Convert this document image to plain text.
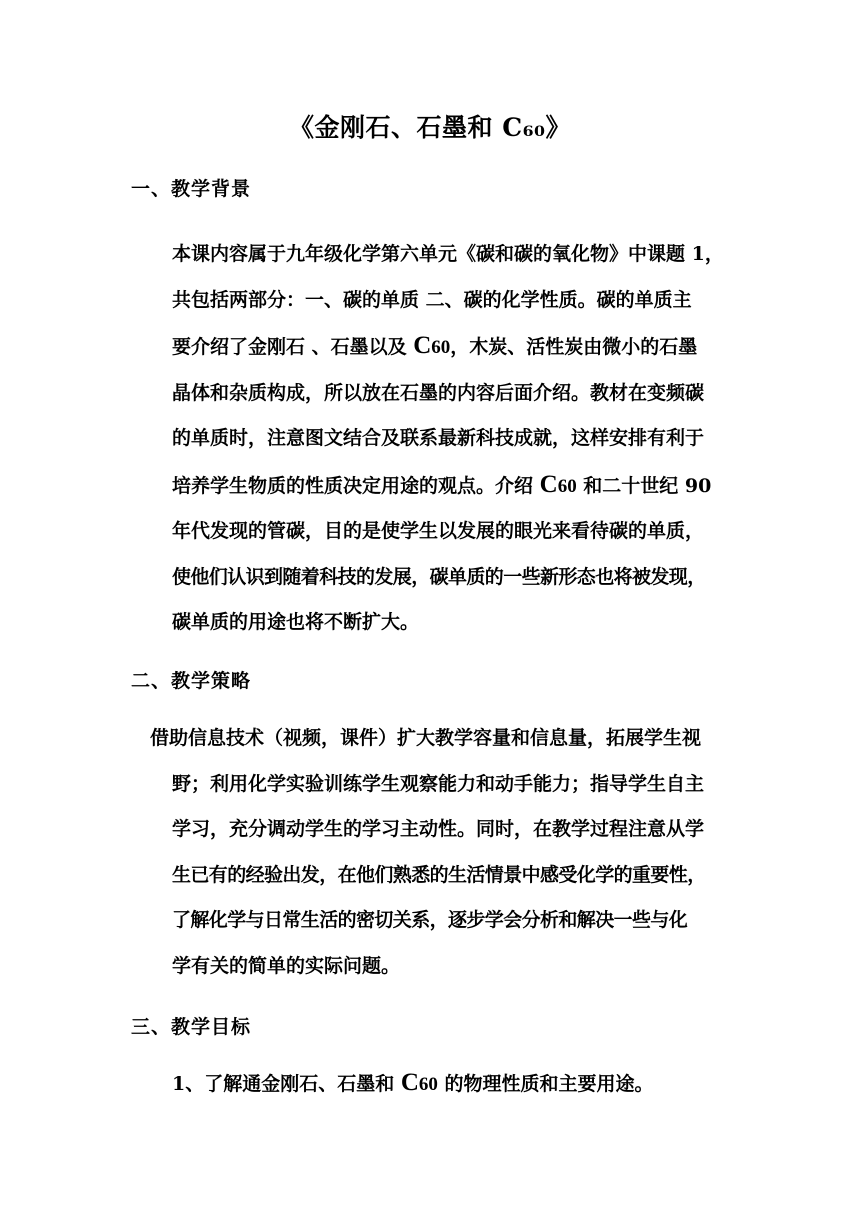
《金刚石、石墨和 C₆₀》
一、教学背景
本课内容属于九年级化学第六单元《碳和碳的氧化物》中课题 1，
共包括两部分：一、碳的单质 二、碳的化学性质。碳的单质主
要介绍了金刚石 、石墨以及 C60，木炭、活性炭由微小的石墨
晶体和杂质构成，所以放在石墨的内容后面介绍。教材在变频碳
的单质时，注意图文结合及联系最新科技成就，这样安排有利于
培养学生物质的性质决定用途的观点。介绍 C60 和二十世纪 90
年代发现的管碳，目的是使学生以发展的眼光来看待碳的单质，
使他们认识到随着科技的发展，碳单质的一些新形态也将被发现，
碳单质的用途也将不断扩大。
二、教学策略
借助信息技术（视频，课件）扩大教学容量和信息量，拓展学生视
野；利用化学实验训练学生观察能力和动手能力；指导学生自主
学习，充分调动学生的学习主动性。同时，在教学过程注意从学
生已有的经验出发，在他们熟悉的生活情景中感受化学的重要性，
了解化学与日常生活的密切关系，逐步学会分析和解决一些与化
学有关的简单的实际问题。
三、教学目标
1、了解通金刚石、石墨和 C60 的物理性质和主要用途。
